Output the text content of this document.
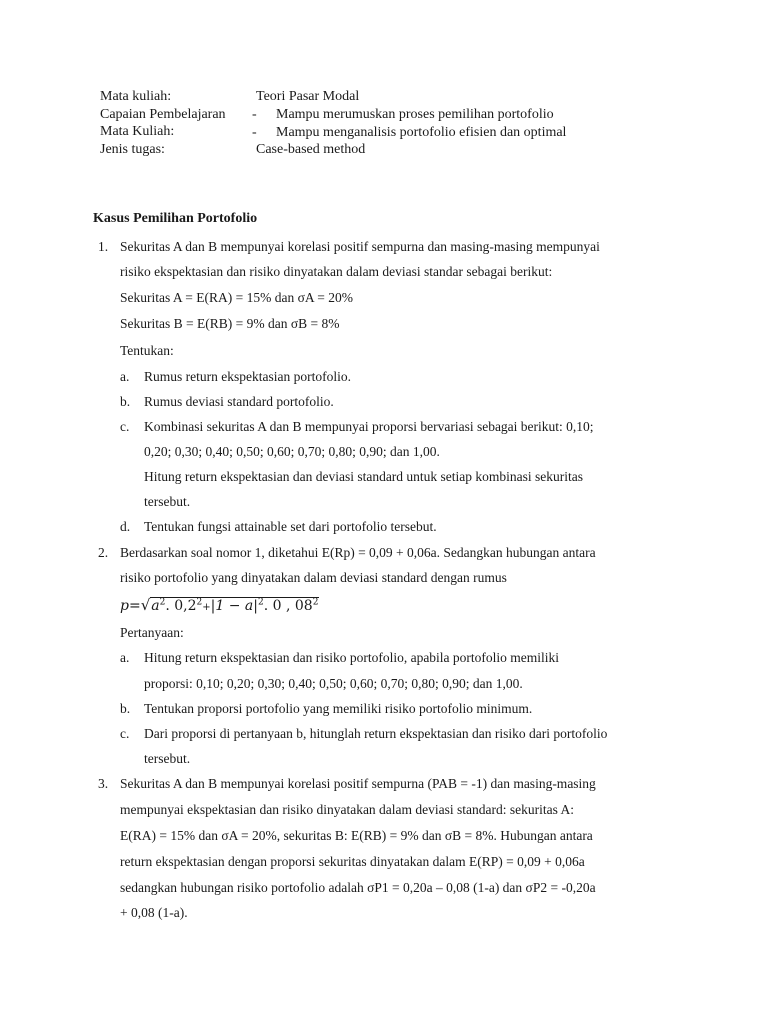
Mata kuliah:	Teori Pasar Modal
Capaian Pembelajaran - Mampu merumuskan proses pemilihan portofolio
Mata Kuliah:	- Mampu menganalisis portofolio efisien dan optimal
Jenis tugas:	Case-based method
Kasus Pemilihan Portofolio
1. Sekuritas A dan B mempunyai korelasi positif sempurna dan masing-masing mempunyai
risiko ekspektasian dan risiko dinyatakan dalam deviasi standar sebagai berikut:
Sekuritas A = E(RA) = 15% dan σA = 20%
Sekuritas B = E(RB) = 9% dan σB = 8%
Tentukan:
a. Rumus return ekspektasian portofolio.
b. Rumus deviasi standard portofolio.
c. Kombinasi sekuritas A dan B mempunyai proporsi bervariasi sebagai berikut: 0,10;
0,20; 0,30; 0,40; 0,50; 0,60; 0,70; 0,80; 0,90; dan 1,00.
Hitung return ekspektasian dan deviasi standard untuk setiap kombinasi sekuritas
tersebut.
d. Tentukan fungsi attainable set dari portofolio tersebut.
2. Berdasarkan soal nomor 1, diketahui E(Rp) = 0,09 + 0,06a. Sedangkan hubungan antara
risiko portofolio yang dinyatakan dalam deviasi standard dengan rumus
$p=√a^2$. $0,2^2+|1 - a|^2$. 0 , $08^2$
Pertanyaan:
a. Hitung return ekspektasian dan risiko portofolio, apabila portofolio memiliki
proporsi: 0,10; 0,20; 0,30; 0,40; 0,50; 0,60; 0,70; 0,80; 0,90; dan 1,00.
b. Tentukan proporsi portofolio yang memiliki risiko portofolio minimum.
c. Dari proporsi di pertanyaan b, hitunglah return ekspektasian dan risiko dari portofolio
tersebut.
3. Sekuritas A dan B mempunyai korelasi positif sempurna (PAB = -1) dan masing-masing
mempunyai ekspektasian dan risiko dinyatakan dalam deviasi standard: sekuritas A:
E(RA) = 15% dan σA = 20%, sekuritas B: E(RB) = 9% dan σB = 8%. Hubungan antara
return ekspektasian dengan proporsi sekuritas dinyatakan dalam E(RP) = 0,09 + 0,06a
sedangkan hubungan risiko portofolio adalah σP1 = 0,20a – 0,08 (1-a) dan σP2 = -0,20a
+ 0,08 (1-a).
